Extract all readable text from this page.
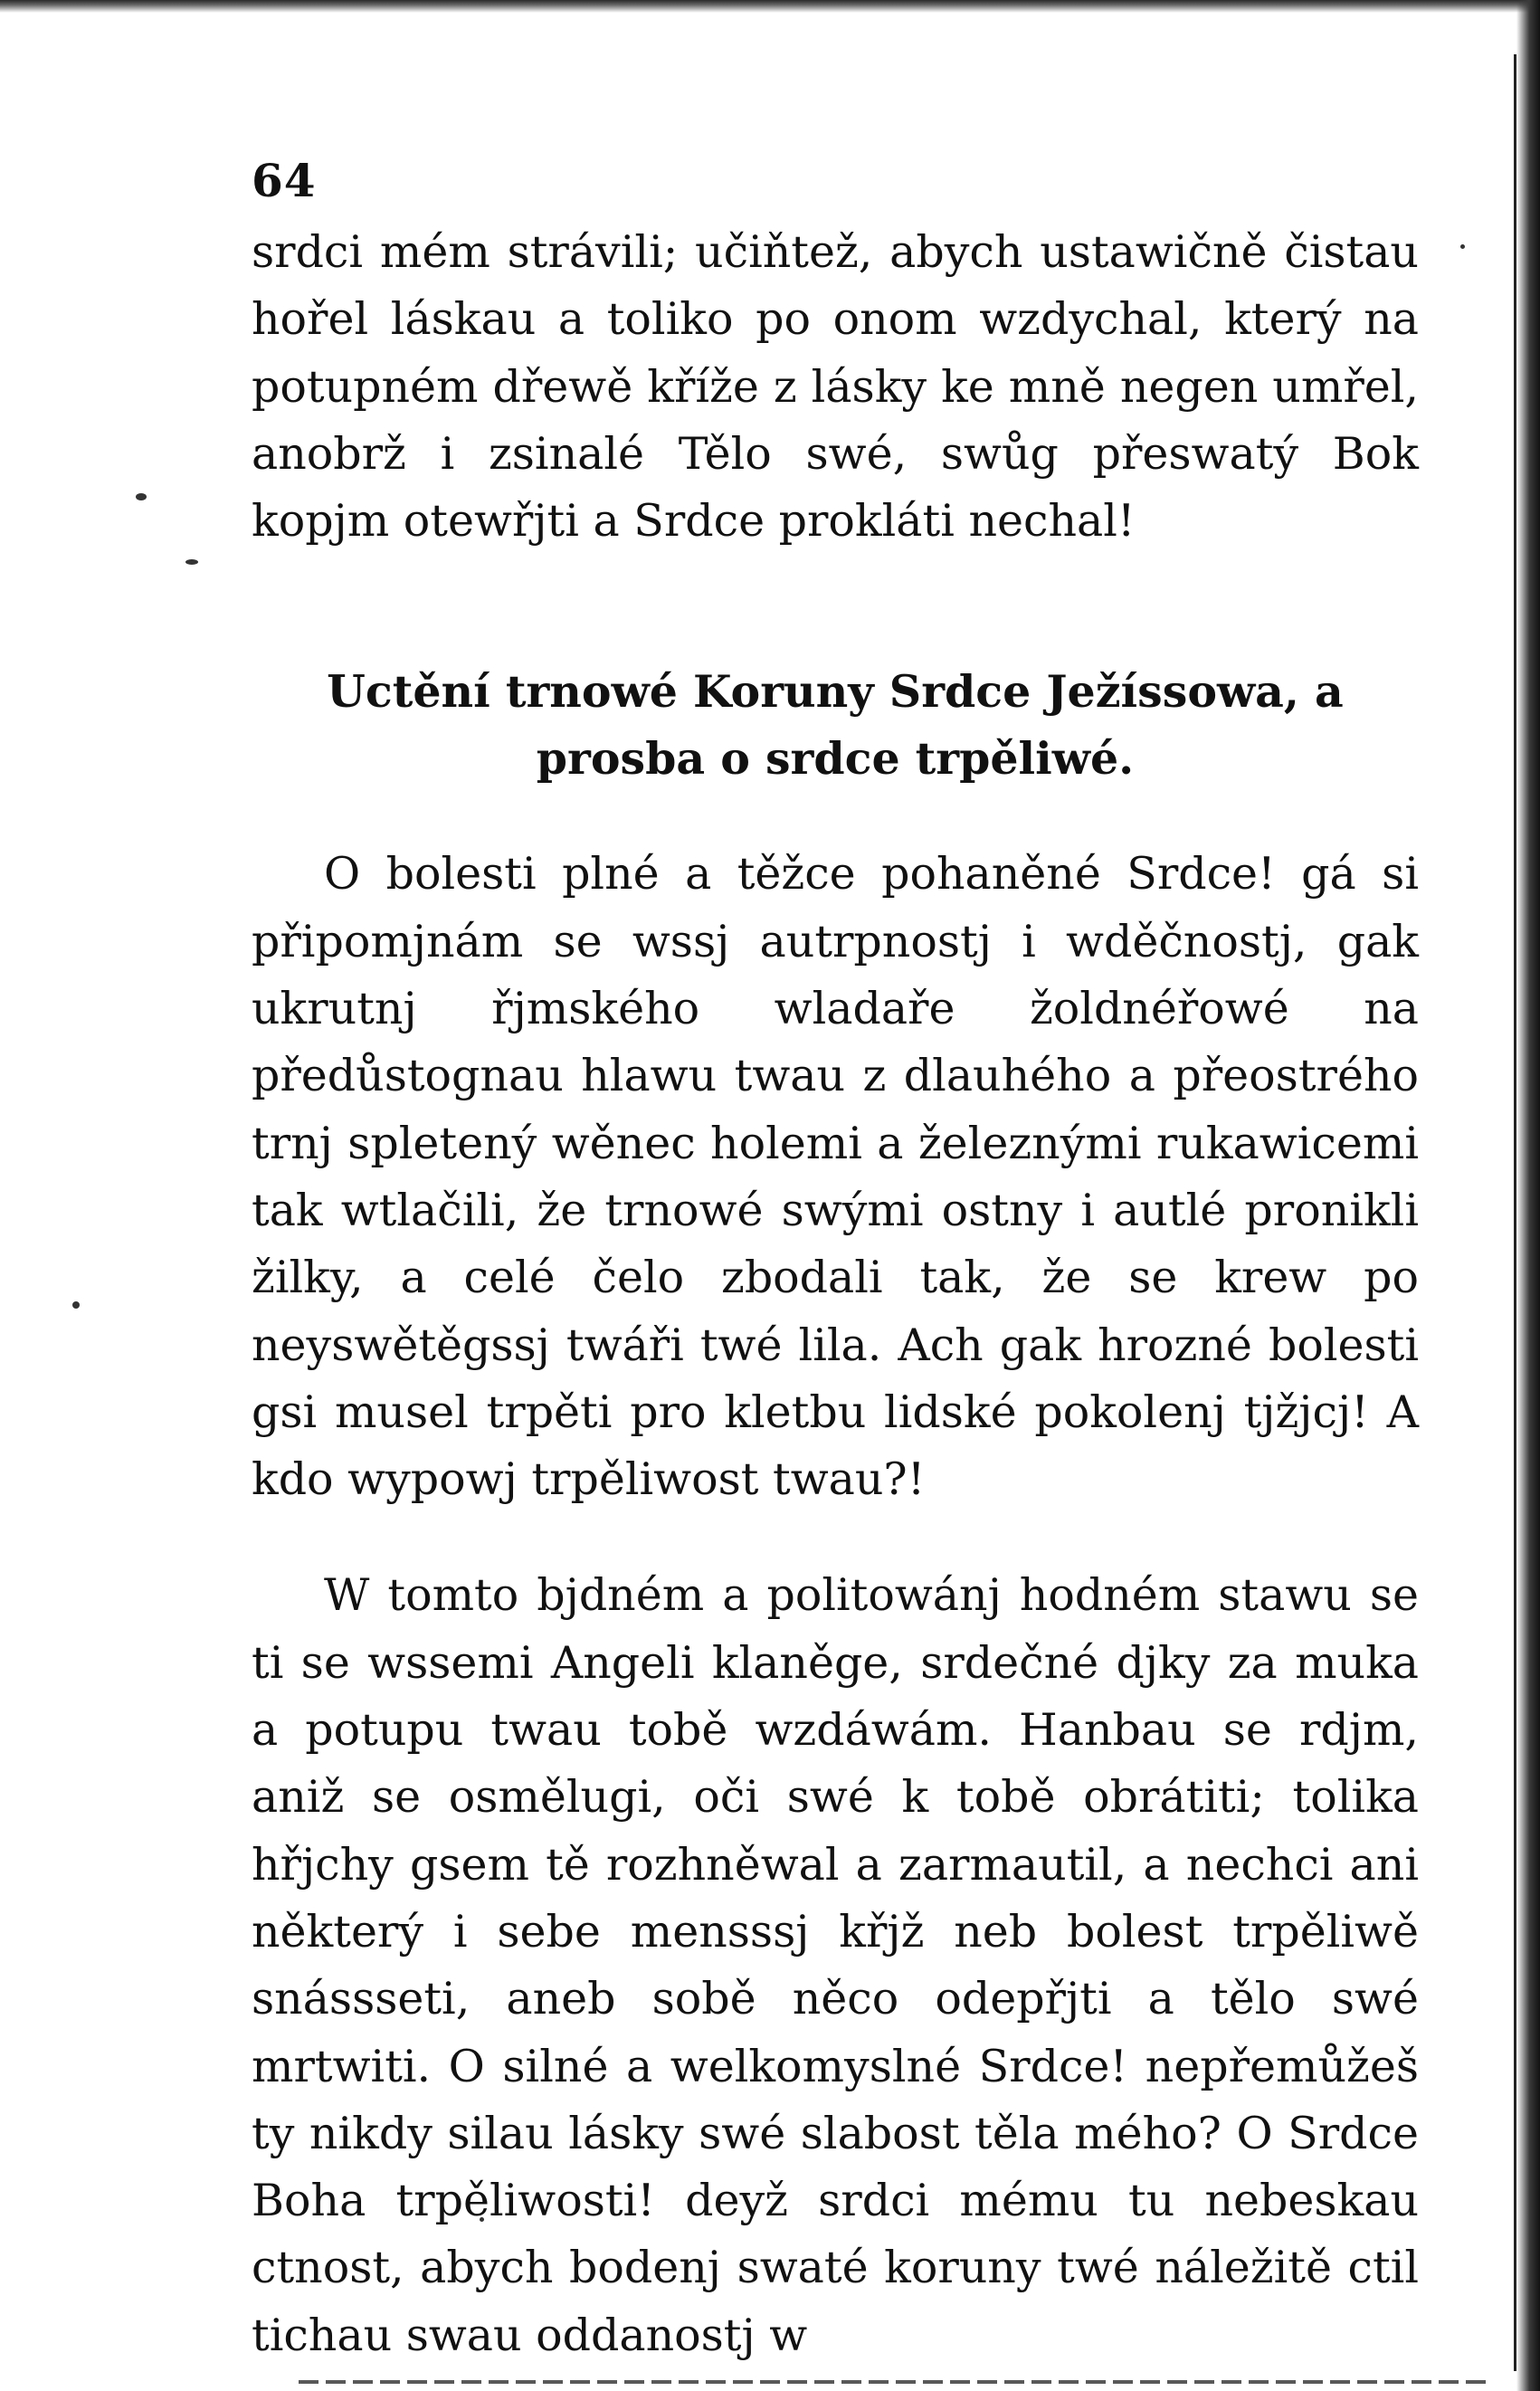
64

srdci mém strávili; učiňtež, abych ustawičně čistau hořel láskau a toliko po onom wzdychal, který na potupném dřewě kříže z lásky ke mně negen umřel, anobrž i zsinalé Tělo swé, swůg přeswatý Bok kopjm otewřjti a Srdce prokláti nechal!

Uctění trnowé Koruny Srdce Ježíssowa, a prosba o srdce trpěliwé.

O bolesti plné a těžce pohaněné Srdce! gá si připomjnám se wssj autrpnostj i wděčnostj, gak ukrutnj řjmského wladaře žoldnéřowé na předůstognau hlawu twau z dlauhého a přeostrého trnj spletený wěnec holemi a železnými rukawicemi tak wtlačili, že trnowé swými ostny i autlé pronikli žilky, a celé čelo zbodali tak, že se krew po neyswětěgssj twáři twé lila. Ach gak hrozné bolesti gsi musel trpěti pro kletbu lidské pokolenj tjžjcj! A kdo wypowj trpěliwost twau?!

W tomto bjdném a politowánj hodném stawu se ti se wssemi Angeli klaněge, srdečné djky za muka a potupu twau tobě wzdáwám. Hanbau se rdjm, aniž se osmělugi, oči swé k tobě obrátiti; tolika hřjchy gsem tě rozhněwal a zarmautil, a nechci ani některý i sebe mensssj křjž neb bolest trpěliwě snássseti, aneb sobě něco odepřjti a tělo swé mrtwiti. O silné a welkomyslné Srdce! nepřemůžeš ty nikdy silau lásky swé slabost těla mého? O Srdce Boha trpěliwosti! deyž srdci mému tu nebeskau ctnost, abych bodenj swaté koruny twé náležitě ctil tichau swau oddanostj w
